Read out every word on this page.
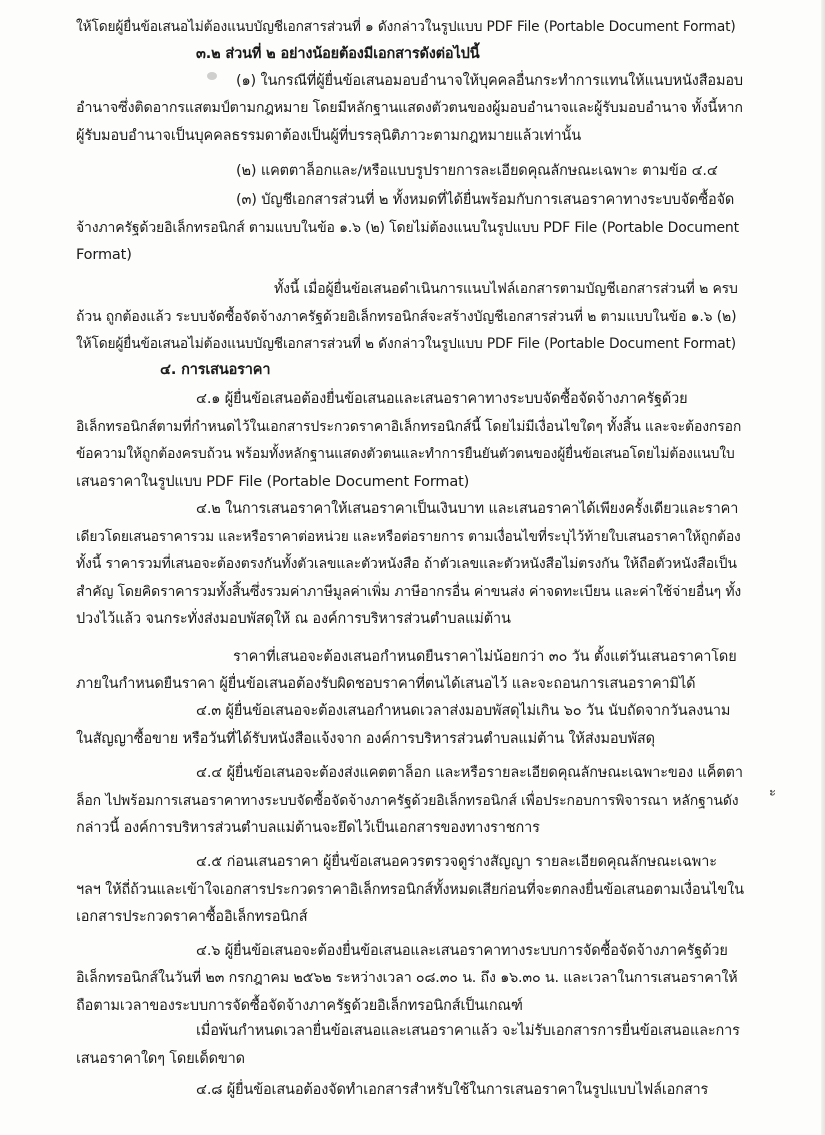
ให้โดยผู้ยื่นข้อเสนอไม่ต้องแนบบัญชีเอกสารส่วนที่ ๑ ดังกล่าวในรูปแบบ PDF File (Portable Document Format)
๓.๒ ส่วนที่ ๒ อย่างน้อยต้องมีเอกสารดังต่อไปนี้
(๑) ในกรณีที่ผู้ยื่นข้อเสนอมอบอำนาจให้บุคคลอื่นกระทำการแทนให้แนบหนังสือมอบ
อำนาจซึ่งติดอากรแสตมป์ตามกฎหมาย โดยมีหลักฐานแสดงตัวตนของผู้มอบอำนาจและผู้รับมอบอำนาจ ทั้งนี้หาก
ผู้รับมอบอำนาจเป็นบุคคลธรรมดาต้องเป็นผู้ที่บรรลุนิติภาวะตามกฎหมายแล้วเท่านั้น
(๒) แคตตาล็อกและ/หรือแบบรูปรายการละเอียดคุณลักษณะเฉพาะ ตามข้อ ๔.๔
(๓) บัญชีเอกสารส่วนที่ ๒ ทั้งหมดที่ได้ยื่นพร้อมกับการเสนอราคาทางระบบจัดซื้อจัด
จ้างภาครัฐด้วยอิเล็กทรอนิกส์ ตามแบบในข้อ ๑.๖ (๒) โดยไม่ต้องแนบในรูปแบบ PDF File (Portable Document
Format)
ทั้งนี้ เมื่อผู้ยื่นข้อเสนอดำเนินการแนบไฟล์เอกสารตามบัญชีเอกสารส่วนที่ ๒ ครบ
ถ้วน ถูกต้องแล้ว ระบบจัดซื้อจัดจ้างภาครัฐด้วยอิเล็กทรอนิกส์จะสร้างบัญชีเอกสารส่วนที่ ๒ ตามแบบในข้อ ๑.๖ (๒)
ให้โดยผู้ยื่นข้อเสนอไม่ต้องแนบบัญชีเอกสารส่วนที่ ๒ ดังกล่าวในรูปแบบ PDF File (Portable Document Format)
๔. การเสนอราคา
๔.๑ ผู้ยื่นข้อเสนอต้องยื่นข้อเสนอและเสนอราคาทางระบบจัดซื้อจัดจ้างภาครัฐด้วย
อิเล็กทรอนิกส์ตามที่กำหนดไว้ในเอกสารประกวดราคาอิเล็กทรอนิกส์นี้ โดยไม่มีเงื่อนไขใดๆ ทั้งสิ้น และจะต้องกรอก
ข้อความให้ถูกต้องครบถ้วน พร้อมทั้งหลักฐานแสดงตัวตนและทำการยืนยันตัวตนของผู้ยื่นข้อเสนอโดยไม่ต้องแนบใบ
เสนอราคาในรูปแบบ PDF File (Portable Document Format)
๔.๒ ในการเสนอราคาให้เสนอราคาเป็นเงินบาท และเสนอราคาได้เพียงครั้งเดียวและราคา
เดียวโดยเสนอราคารวม และหรือราคาต่อหน่วย และหรือต่อรายการ ตามเงื่อนไขที่ระบุไว้ท้ายใบเสนอราคาให้ถูกต้อง
ทั้งนี้ ราคารวมที่เสนอจะต้องตรงกันทั้งตัวเลขและตัวหนังสือ ถ้าตัวเลขและตัวหนังสือไม่ตรงกัน ให้ถือตัวหนังสือเป็น
สำคัญ โดยคิดราคารวมทั้งสิ้นซึ่งรวมค่าภาษีมูลค่าเพิ่ม ภาษีอากรอื่น ค่าขนส่ง ค่าจดทะเบียน และค่าใช้จ่ายอื่นๆ ทั้ง
ปวงไว้แล้ว จนกระทั่งส่งมอบพัสดุให้ ณ องค์การบริหารส่วนตำบลแม่ต้าน
ราคาที่เสนอจะต้องเสนอกำหนดยืนราคาไม่น้อยกว่า ๓๐ วัน ตั้งแต่วันเสนอราคาโดย
ภายในกำหนดยืนราคา ผู้ยื่นข้อเสนอต้องรับผิดชอบราคาที่ตนได้เสนอไว้ และจะถอนการเสนอราคามิได้
๔.๓ ผู้ยื่นข้อเสนอจะต้องเสนอกำหนดเวลาส่งมอบพัสดุไม่เกิน ๖๐ วัน นับถัดจากวันลงนาม
ในสัญญาซื้อขาย หรือวันที่ได้รับหนังสือแจ้งจาก องค์การบริหารส่วนตำบลแม่ต้าน ให้ส่งมอบพัสดุ
๔.๔ ผู้ยื่นข้อเสนอจะต้องส่งแคตตาล็อก และหรือรายละเอียดคุณลักษณะเฉพาะของ แค็ตตา
ะ
ล็อก ไปพร้อมการเสนอราคาทางระบบจัดซื้อจัดจ้างภาครัฐด้วยอิเล็กทรอนิกส์ เพื่อประกอบการพิจารณา หลักฐานดัง
กล่าวนี้ องค์การบริหารส่วนตำบลแม่ต้านจะยึดไว้เป็นเอกสารของทางราชการ
๔.๕ ก่อนเสนอราคา ผู้ยื่นข้อเสนอควรตรวจดูร่างสัญญา รายละเอียดคุณลักษณะเฉพาะ
ฯลฯ ให้ถี่ถ้วนและเข้าใจเอกสารประกวดราคาอิเล็กทรอนิกส์ทั้งหมดเสียก่อนที่จะตกลงยื่นข้อเสนอตามเงื่อนไขใน
เอกสารประกวดราคาซื้ออิเล็กทรอนิกส์
๔.๖ ผู้ยื่นข้อเสนอจะต้องยื่นข้อเสนอและเสนอราคาทางระบบการจัดซื้อจัดจ้างภาครัฐด้วย
อิเล็กทรอนิกส์ในวันที่ ๒๓ กรกฎาคม ๒๕๖๒ ระหว่างเวลา ๐๘.๓๐ น. ถึง ๑๖.๓๐ น. และเวลาในการเสนอราคาให้
ถือตามเวลาของระบบการจัดซื้อจัดจ้างภาครัฐด้วยอิเล็กทรอนิกส์เป็นเกณฑ์
เมื่อพ้นกำหนดเวลายื่นข้อเสนอและเสนอราคาแล้ว จะไม่รับเอกสารการยื่นข้อเสนอและการ
เสนอราคาใดๆ โดยเด็ดขาด
๔.๘ ผู้ยื่นข้อเสนอต้องจัดทำเอกสารสำหรับใช้ในการเสนอราคาในรูปแบบไฟล์เอกสาร
